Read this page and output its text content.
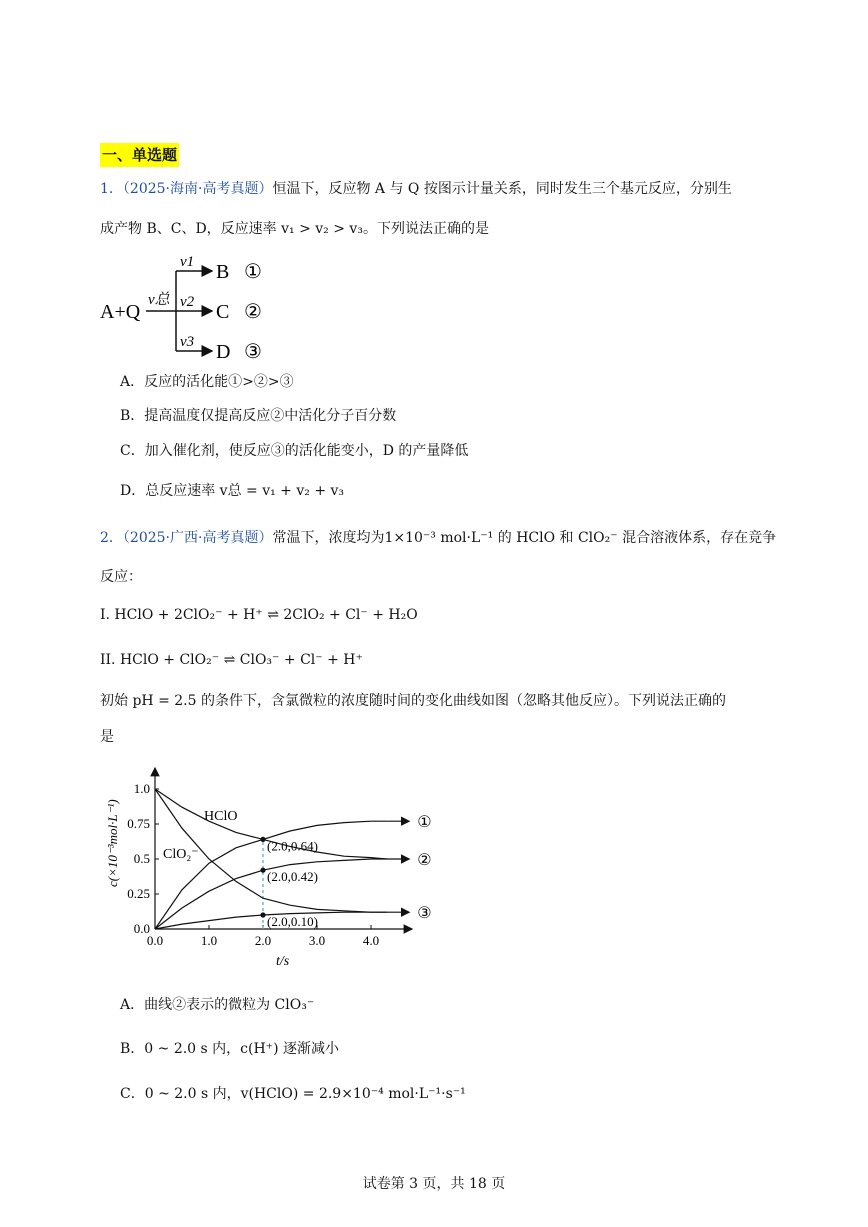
一、单选题
1．（2025·海南·高考真题）恒温下，反应物 A 与 Q 按图示计量关系，同时发生三个基元反应，分别生
成产物 B、C、D，反应速率 v₁ > v₂ > v₃。下列说法正确的是
A+Q
v总
v1
v2
v3
B
C
D
①
②
③
A．反应的活化能①>②>③
B．提高温度仅提高反应②中活化分子百分数
C．加入催化剂，使反应③的活化能变小，D 的产量降低
D．总反应速率 v总 = v₁ + v₂ + v₃
2．（2025·广西·高考真题）常温下，浓度均为1×10⁻³ mol·L⁻¹ 的 HClO 和 ClO₂⁻ 混合溶液体系，存在竞争
反应：
I. HClO + 2ClO₂⁻ + H⁺ ⇌ 2ClO₂ + Cl⁻ + H₂O
II. HClO + ClO₂⁻ ⇌ ClO₃⁻ + Cl⁻ + H⁺
初始 pH = 2.5 的条件下，含氯微粒的浓度随时间的变化曲线如图（忽略其他反应）。下列说法正确的
是
0.0	1.0	2.0	3.0	4.0
0.0
0.25
0.5
0.75
1.0
①
②
③
HClO
ClO₂⁻
(2.0,0.64)
(2.0,0.42)
(2.0,0.10)
t/s
c(×10⁻³mol·L⁻¹)
A．曲线②表示的微粒为 ClO₃⁻
B．0 ~ 2.0 s 内，c(H⁺) 逐渐减小
C．0 ~ 2.0 s 内，v(HClO) = 2.9×10⁻⁴ mol·L⁻¹·s⁻¹
试卷第 3 页，共 18 页
